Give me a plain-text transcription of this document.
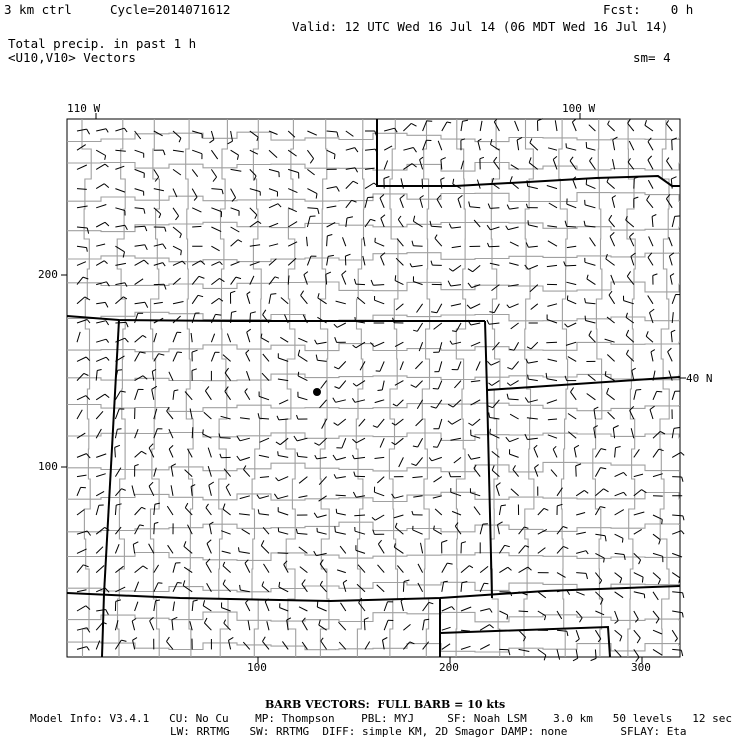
3 km ctrl	Cycle=2014071612	Fcst:    0 h
Valid: 12 UTC Wed 16 Jul 14 (06 MDT Wed 16 Jul 14)
Total precip. in past 1 h
<U10,V10> Vectors	sm= 4
110 W	100 W
40 N
200
100
100	200	300
BARB VECTORS:  FULL BARB = 10 kts
Model Info: V3.4.1   CU: No Cu    MP: Thompson    PBL: MYJ     SF: Noah LSM    3.0 km   50 levels   12 sec
LW: RRTMG   SW: RRTMG  DIFF: simple KM, 2D Smagor DAMP: none        SFLAY: Eta
